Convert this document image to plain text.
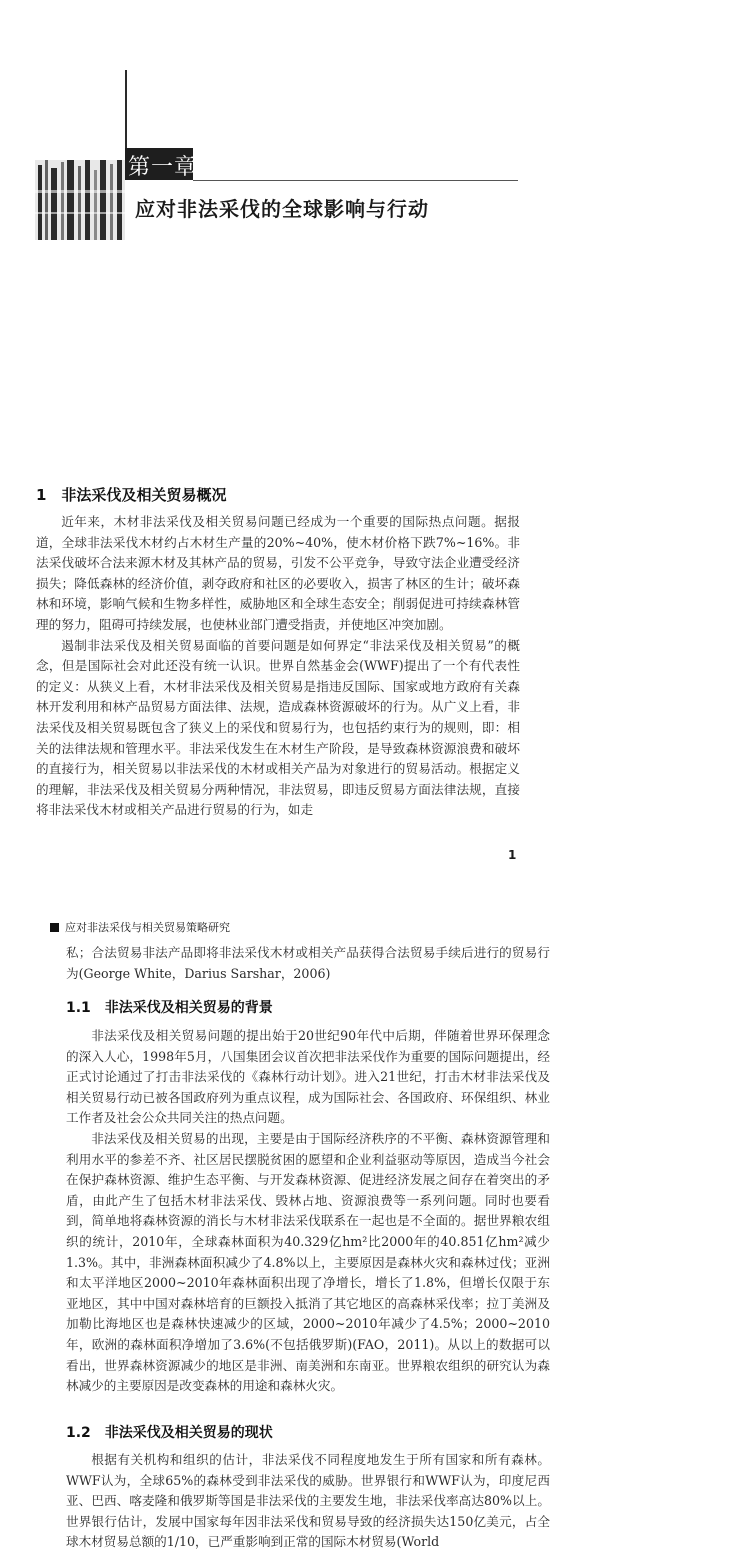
第一章
应对非法采伐的全球影响与行动
1　非法采伐及相关贸易概况

近年来，木材非法采伐及相关贸易问题已经成为一个重要的国际热点问题。据报道，全球非法采伐木材约占木材生产量的20%~40%，使木材价格下跌7%~16%。非法采伐破坏合法来源木材及其林产品的贸易，引发不公平竞争，导致守法企业遭受经济损失；降低森林的经济价值，剥夺政府和社区的必要收入，损害了林区的生计；破坏森林和环境，影响气候和生物多样性，威胁地区和全球生态安全；削弱促进可持续森林管理的努力，阻碍可持续发展，也使林业部门遭受指责，并使地区冲突加剧。

遏制非法采伐及相关贸易面临的首要问题是如何界定“非法采伐及相关贸易”的概念，但是国际社会对此还没有统一认识。世界自然基金会(WWF)提出了一个有代表性的定义：从狭义上看，木材非法采伐及相关贸易是指违反国际、国家或地方政府有关森林开发利用和林产品贸易方面法律、法规，造成森林资源破坏的行为。从广义上看，非法采伐及相关贸易既包含了狭义上的采伐和贸易行为，也包括约束行为的规则，即：相关的法律法规和管理水平。非法采伐发生在木材生产阶段，是导致森林资源浪费和破坏的直接行为，相关贸易以非法采伐的木材或相关产品为对象进行的贸易活动。根据定义的理解，非法采伐及相关贸易分两种情况，非法贸易，即违反贸易方面法律法规，直接将非法采伐木材或相关产品进行贸易的行为，如走

1
应对非法采伐与相关贸易策略研究

私；合法贸易非法产品即将非法采伐木材或相关产品获得合法贸易手续后进行的贸易行为(George White，Darius Sarshar，2006)

1.1　非法采伐及相关贸易的背景

非法采伐及相关贸易问题的提出始于20世纪90年代中后期，伴随着世界环保理念的深入人心，1998年5月，八国集团会议首次把非法采伐作为重要的国际问题提出，经正式讨论通过了打击非法采伐的《森林行动计划》。进入21世纪，打击木材非法采伐及相关贸易行动已被各国政府列为重点议程，成为国际社会、各国政府、环保组织、林业工作者及社会公众共同关注的热点问题。

非法采伐及相关贸易的出现，主要是由于国际经济秩序的不平衡、森林资源管理和利用水平的参差不齐、社区居民摆脱贫困的愿望和企业利益驱动等原因，造成当今社会在保护森林资源、维护生态平衡、与开发森林资源、促进经济发展之间存在着突出的矛盾，由此产生了包括木材非法采伐、毁林占地、资源浪费等一系列问题。同时也要看到，简单地将森林资源的消长与木材非法采伐联系在一起也是不全面的。据世界粮农组织的统计，2010年，全球森林面积为40.329亿hm²比2000年的40.851亿hm²减少1.3%。其中，非洲森林面积减少了4.8%以上，主要原因是森林火灾和森林过伐；亚洲和太平洋地区2000~2010年森林面积出现了净增长，增长了1.8%，但增长仅限于东亚地区，其中中国对森林培育的巨额投入抵消了其它地区的高森林采伐率；拉丁美洲及加勒比海地区也是森林快速减少的区域，2000~2010年减少了4.5%；2000~2010年，欧洲的森林面积净增加了3.6%(不包括俄罗斯)(FAO，2011)。从以上的数据可以看出，世界森林资源减少的地区是非洲、南美洲和东南亚。世界粮农组织的研究认为森林减少的主要原因是改变森林的用途和森林火灾。

1.2　非法采伐及相关贸易的现状

根据有关机构和组织的估计，非法采伐不同程度地发生于所有国家和所有森林。WWF认为，全球65%的森林受到非法采伐的威胁。世界银行和WWF认为，印度尼西亚、巴西、喀麦隆和俄罗斯等国是非法采伐的主要发生地，非法采伐率高达80%以上。世界银行估计，发展中国家每年因非法采伐和贸易导致的经济损失达150亿美元，占全球木材贸易总额的1/10，已严重影响到正常的国际木材贸易(World
